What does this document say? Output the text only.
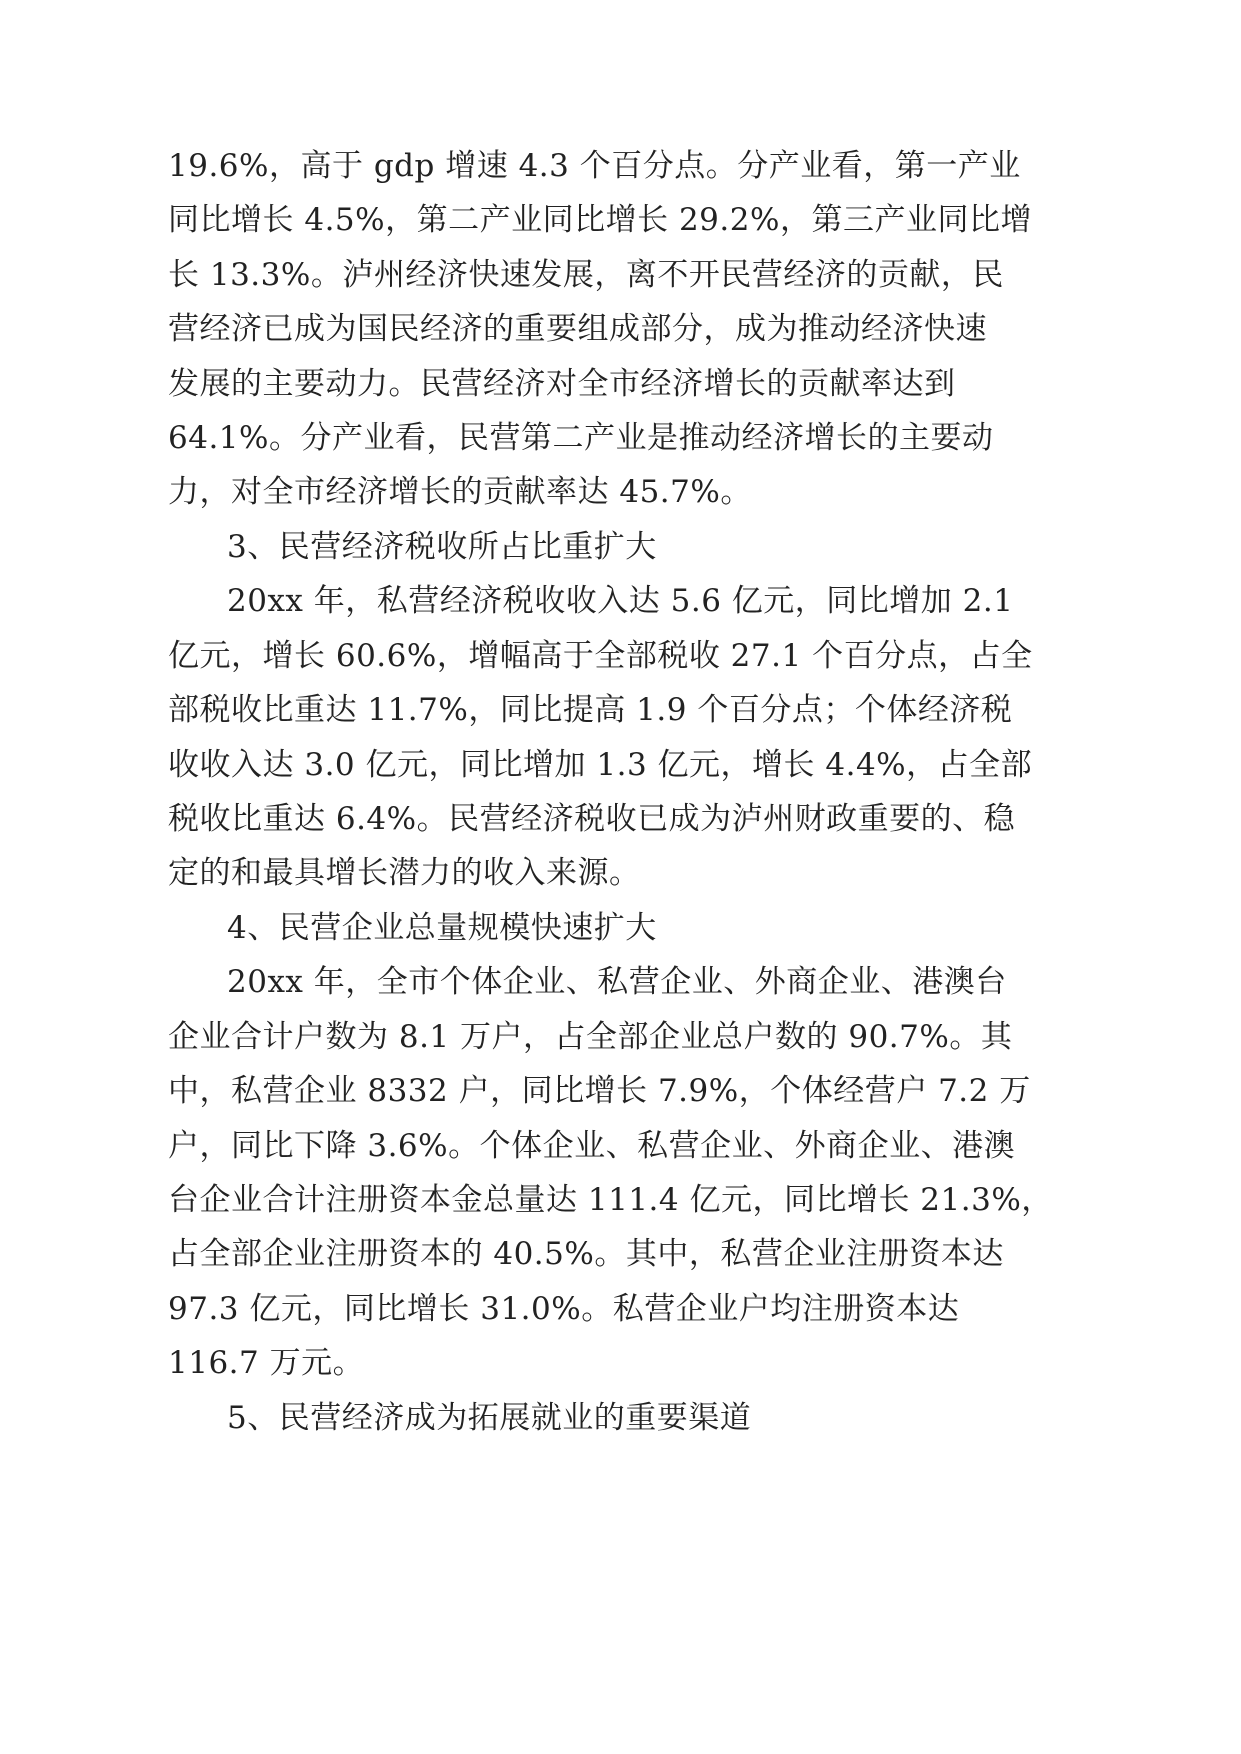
19.6%，高于 gdp 增速 4.3 个百分点。分产业看，第一产业
同比增长 4.5%，第二产业同比增长 29.2%，第三产业同比增
长 13.3%。泸州经济快速发展，离不开民营经济的贡献，民
营经济已成为国民经济的重要组成部分，成为推动经济快速
发展的主要动力。民营经济对全市经济增长的贡献率达到
64.1%。分产业看，民营第二产业是推动经济增长的主要动
力，对全市经济增长的贡献率达 45.7%。
3、民营经济税收所占比重扩大
20xx 年，私营经济税收收入达 5.6 亿元，同比增加 2.1
亿元，增长 60.6%，增幅高于全部税收 27.1 个百分点，占全
部税收比重达 11.7%，同比提高 1.9 个百分点；个体经济税
收收入达 3.0 亿元，同比增加 1.3 亿元，增长 4.4%，占全部
税收比重达 6.4%。民营经济税收已成为泸州财政重要的、稳
定的和最具增长潜力的收入来源。
4、民营企业总量规模快速扩大
20xx 年，全市个体企业、私营企业、外商企业、港澳台
企业合计户数为 8.1 万户，占全部企业总户数的 90.7%。其
中，私营企业 8332 户，同比增长 7.9%，个体经营户 7.2 万
户，同比下降 3.6%。个体企业、私营企业、外商企业、港澳
台企业合计注册资本金总量达 111.4 亿元，同比增长 21.3%，
占全部企业注册资本的 40.5%。其中，私营企业注册资本达
97.3 亿元，同比增长 31.0%。私营企业户均注册资本达
116.7 万元。
5、民营经济成为拓展就业的重要渠道
